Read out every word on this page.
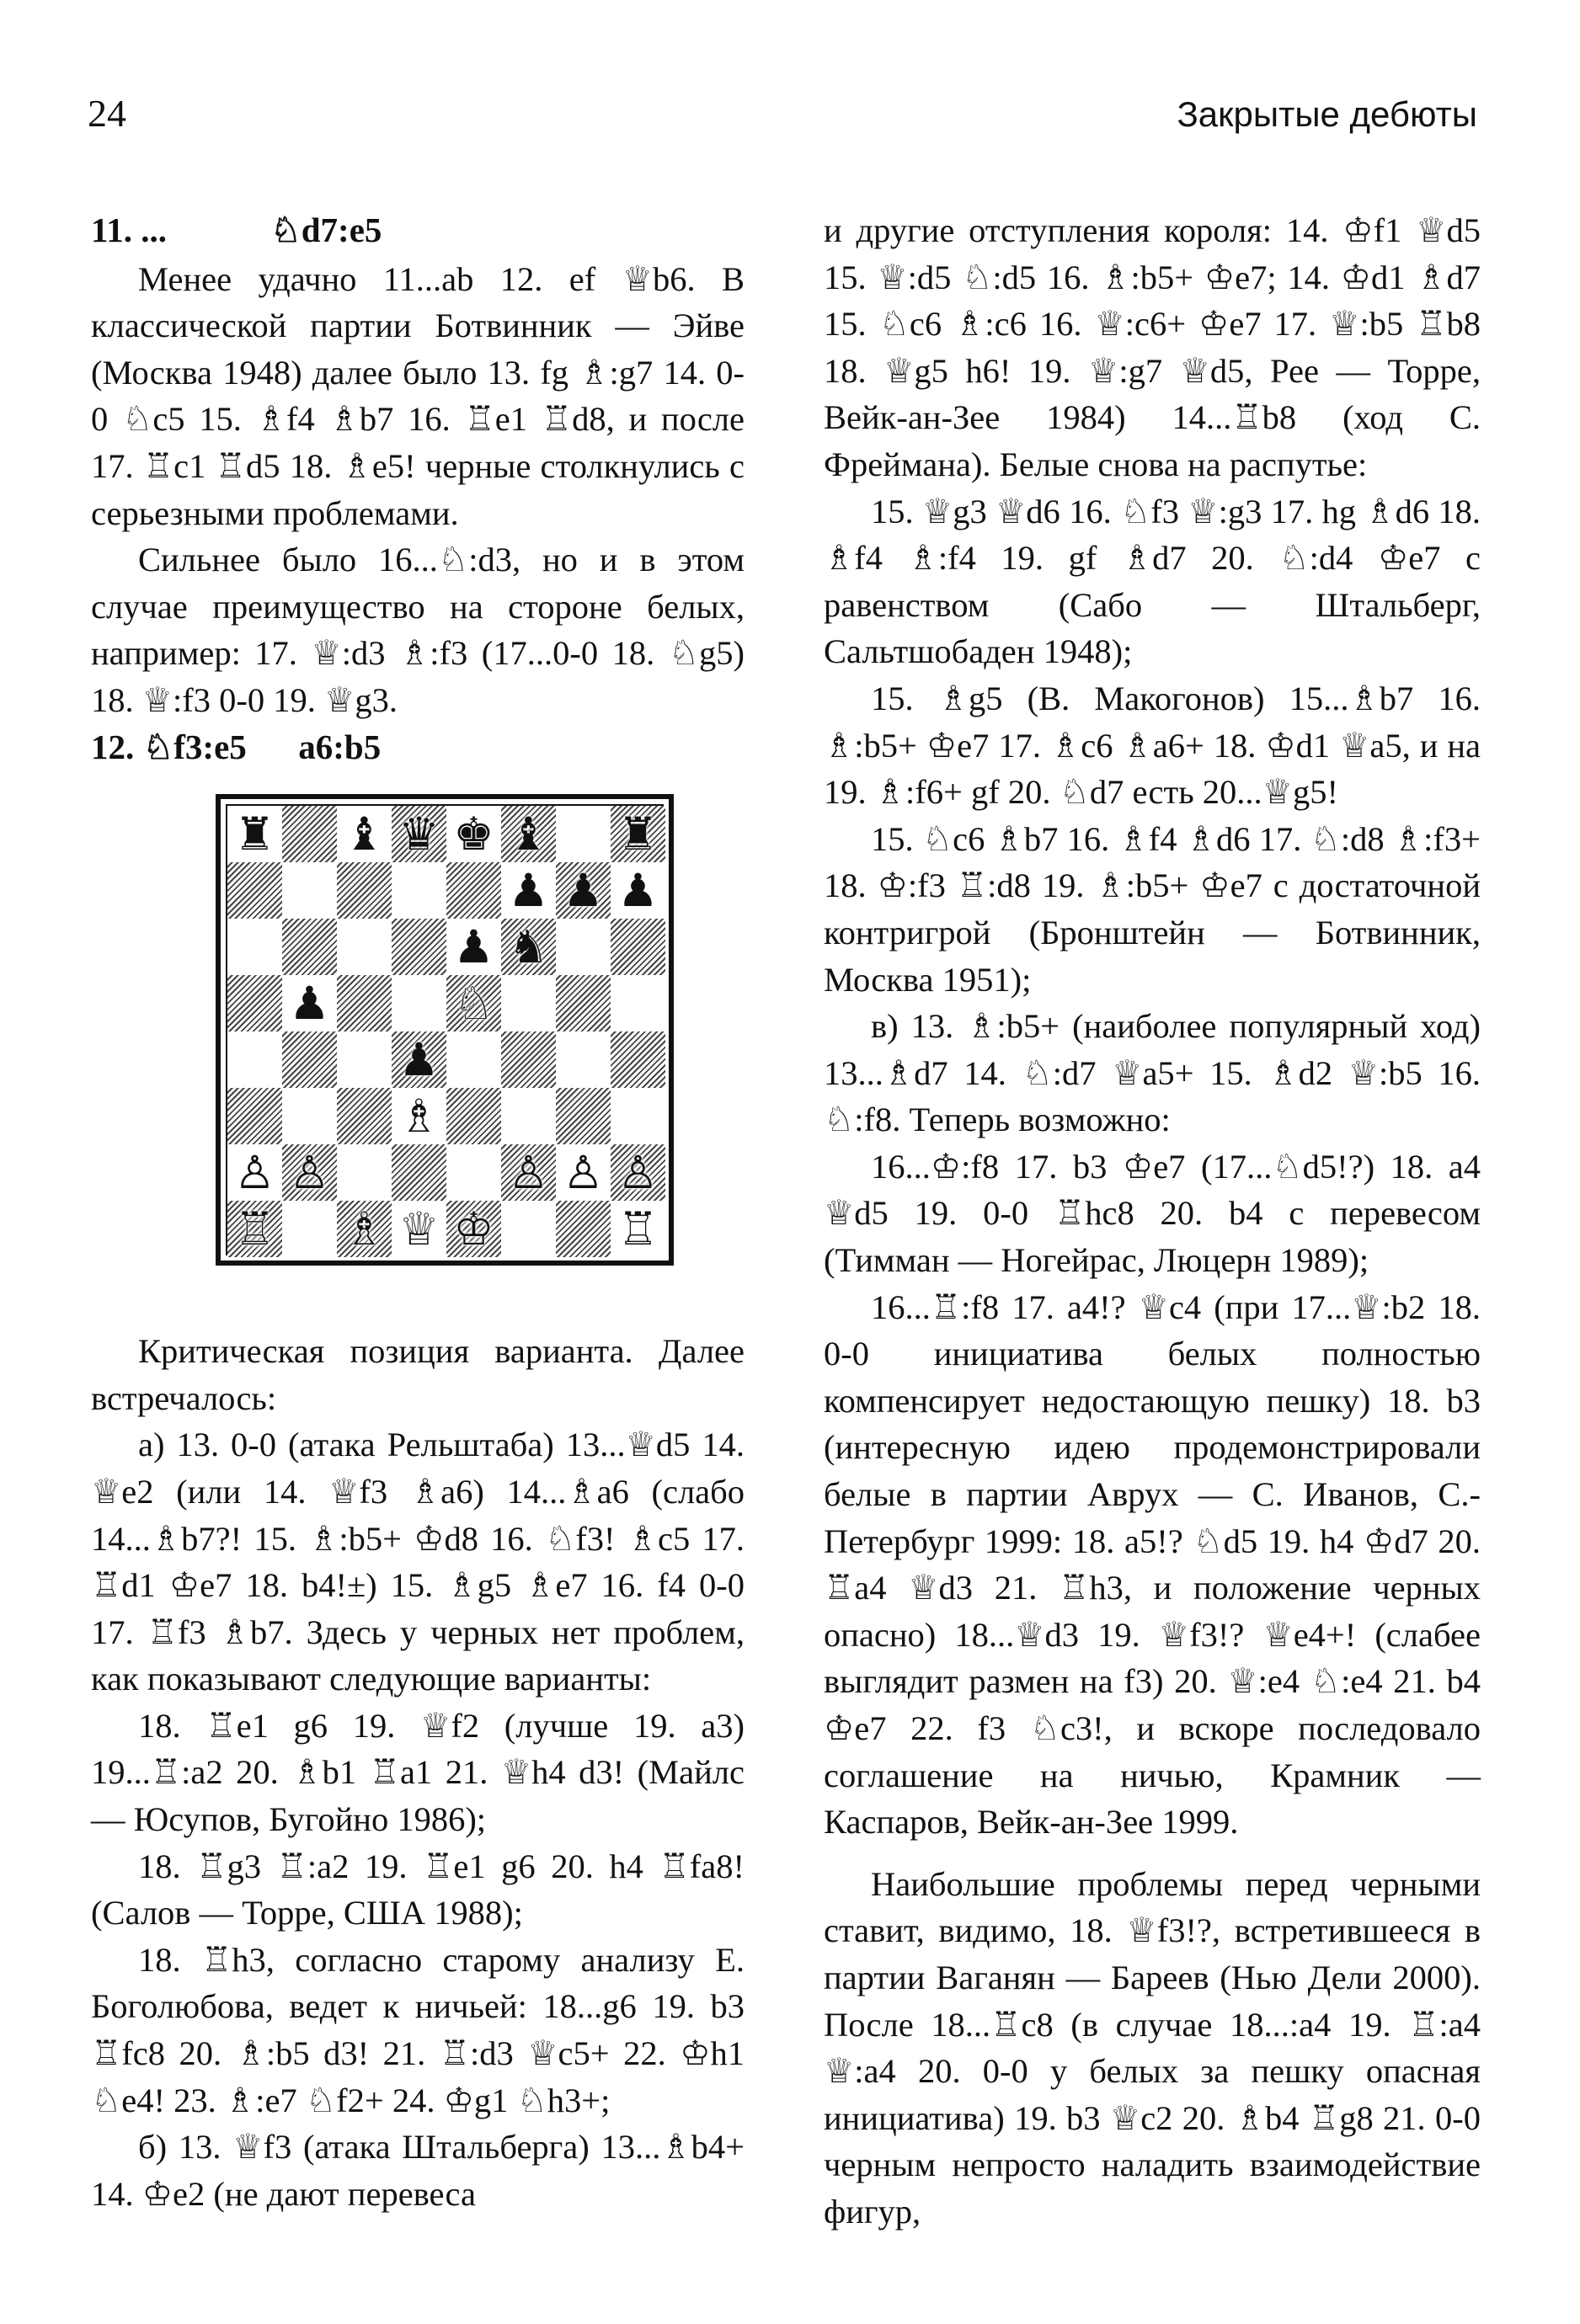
24	Закрытые дебюты
11. ...	♘d7:e5

Менее удачно 11...ab 12. ef ♕b6. В классической партии Ботвинник — Эйве (Москва 1948) далее было 13. fg ♗:g7 14. 0-0 ♘c5 15. ♗f4 ♗b7 16. ♖e1 ♖d8, и после 17. ♖c1 ♖d5 18. ♗e5! черные столкнулись с серьезными проблемами.

Сильнее было 16...♘:d3, но и в этом случае преимущество на стороне белых, например: 17. ♕:d3 ♗:f3 (17...0-0 18. ♘g5) 18. ♕:f3 0-0 19. ♕g3.

12. ♘f3:e5 a6:b5
♜ ♝ ♛ ♚ ♝ ♜
♟ ♟ ♟
♟ ♞
♟	♘
♟
♗
♙ ♙	♙ ♙ ♙
♖ ♗ ♕ ♔	♖

Критическая позиция варианта. Далее встречалось:

а) 13. 0-0 (атака Рельштаба) 13...♕d5 14. ♕e2 (или 14. ♕f3 ♗a6) 14...♗a6 (слабо 14...♗b7?! 15. ♗:b5+ ♔d8 16. ♘f3! ♗c5 17. ♖d1 ♔e7 18. b4!±) 15. ♗g5 ♗e7 16. f4 0-0 17. ♖f3 ♗b7. Здесь у черных нет проблем, как показывают следующие варианты:

18. ♖e1 g6 19. ♕f2 (лучше 19. a3) 19...♖:a2 20. ♗b1 ♖a1 21. ♕h4 d3! (Майлс — Юсупов, Бугойно 1986);

18. ♖g3 ♖:a2 19. ♖e1 g6 20. h4 ♖fa8! (Салов — Торре, США 1988);

18. ♖h3, согласно старому анализу Е. Боголюбова, ведет к ничьей: 18...g6 19. b3 ♖fc8 20. ♗:b5 d3! 21. ♖:d3 ♕c5+ 22. ♔h1 ♘e4! 23. ♗:e7 ♘f2+ 24. ♔g1 ♘h3+;

б) 13. ♕f3 (атака Штальберга) 13...♗b4+ 14. ♔e2 (не дают перевеса

и другие отступления короля: 14. ♔f1 ♕d5 15. ♕:d5 ♘:d5 16. ♗:b5+ ♔e7; 14. ♔d1 ♗d7 15. ♘c6 ♗:c6 16. ♕:c6+ ♔e7 17. ♕:b5 ♖b8 18. ♕g5 h6! 19. ♕:g7 ♕d5, Рее — Торре, Вейк-ан-Зее 1984) 14...♖b8 (ход С. Фреймана). Белые снова на распутье:

15. ♕g3 ♕d6 16. ♘f3 ♕:g3 17. hg ♗d6 18. ♗f4 ♗:f4 19. gf ♗d7 20. ♘:d4 ♔e7 с равенством (Сабо — Штальберг, Сальтшобаден 1948);

15. ♗g5 (В. Макогонов) 15...♗b7 16. ♗:b5+ ♔e7 17. ♗c6 ♗a6+ 18. ♔d1 ♕a5, и на 19. ♗:f6+ gf 20. ♘d7 есть 20...♕g5!

15. ♘c6 ♗b7 16. ♗f4 ♗d6 17. ♘:d8 ♗:f3+ 18. ♔:f3 ♖:d8 19. ♗:b5+ ♔e7 с достаточной контригрой (Бронштейн — Ботвинник, Москва 1951);

в) 13. ♗:b5+ (наиболее популярный ход) 13...♗d7 14. ♘:d7 ♕a5+ 15. ♗d2 ♕:b5 16. ♘:f8. Теперь возможно:

16...♔:f8 17. b3 ♔e7 (17...♘d5!?) 18. a4 ♕d5 19. 0-0 ♖hc8 20. b4 с перевесом (Тимман — Ногейрас, Люцерн 1989);

16...♖:f8 17. a4!? ♕c4 (при 17...♕:b2 18. 0-0 инициатива белых полностью компенсирует недостающую пешку) 18. b3 (интересную идею продемонстрировали белые в партии Аврух — С. Иванов, С.-Петербург 1999: 18. a5!? ♘d5 19. h4 ♔d7 20. ♖a4 ♕d3 21. ♖h3, и положение черных опасно) 18...♕d3 19. ♕f3!? ♕e4+! (слабее выглядит размен на f3) 20. ♕:e4 ♘:e4 21. b4 ♔e7 22. f3 ♘c3!, и вскоре последовало соглашение на ничью, Крамник — Каспаров, Вейк-ан-Зее 1999.

Наибольшие проблемы перед черными ставит, видимо, 18. ♕f3!?, встретившееся в партии Ваганян — Бареев (Нью Дели 2000). После 18...♖c8 (в случае 18...:a4 19. ♖:a4 ♕:a4 20. 0-0 у белых за пешку опасная инициатива) 19. b3 ♕c2 20. ♗b4 ♖g8 21. 0-0 черным непросто наладить взаимодействие фигур,
